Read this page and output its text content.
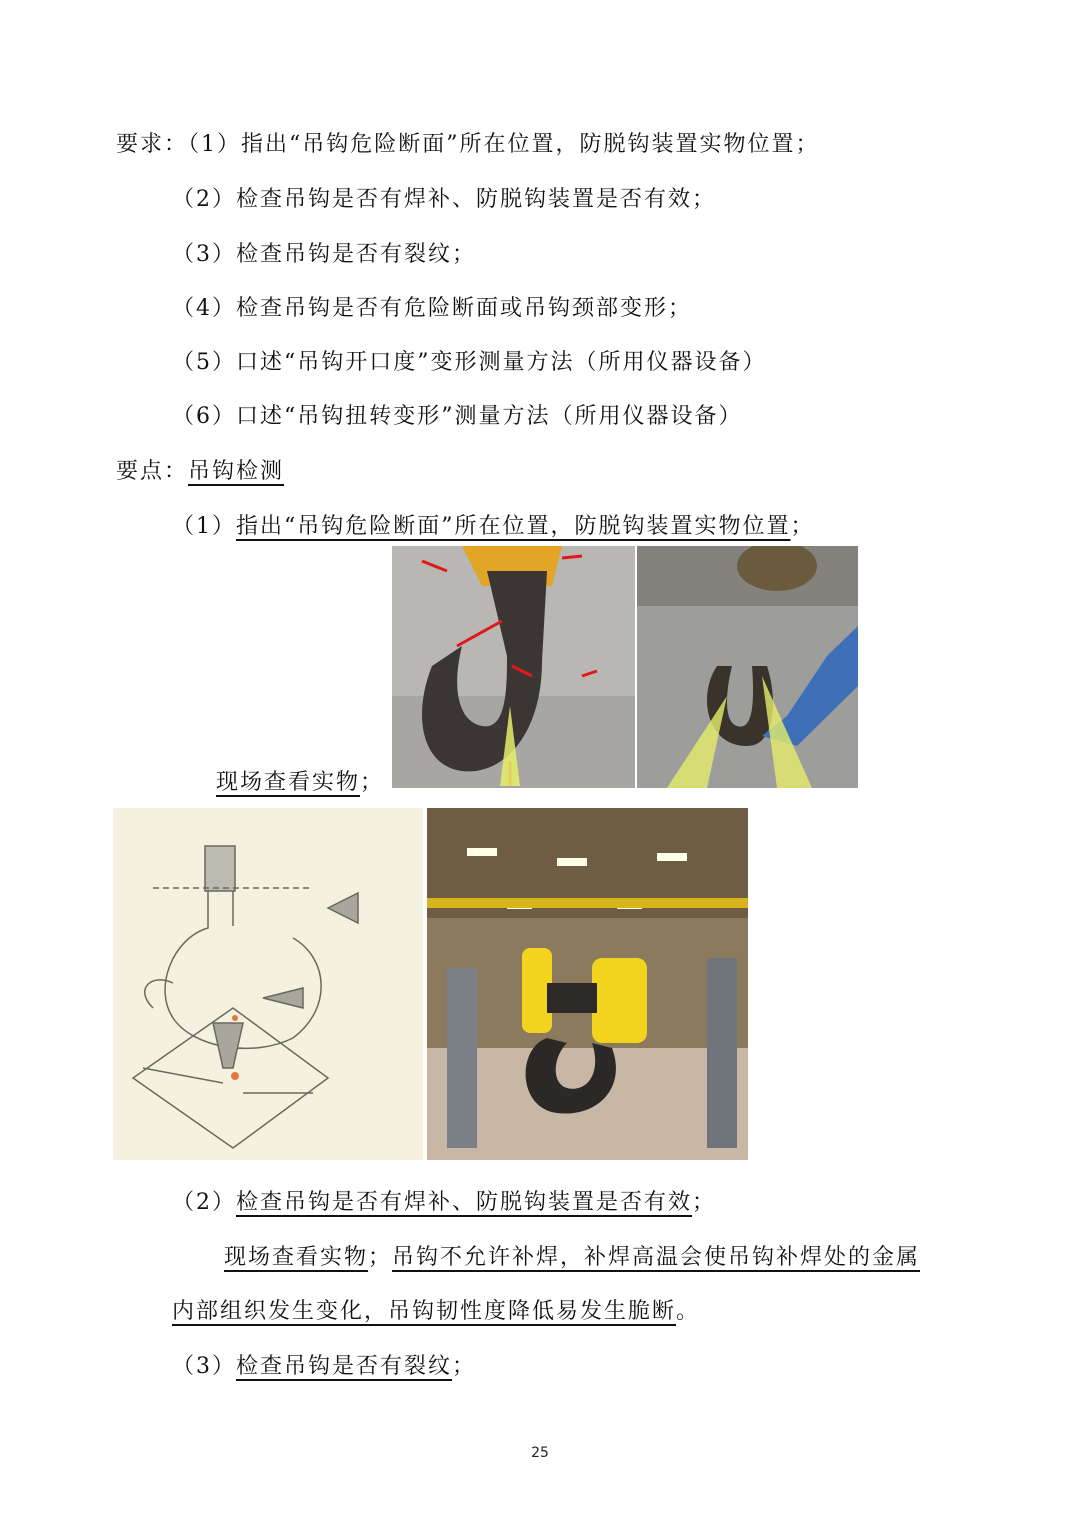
要求：（1）指出“吊钩危险断面”所在位置，防脱钩装置实物位置；
（2）检查吊钩是否有焊补、防脱钩装置是否有效；
（3）检查吊钩是否有裂纹；
（4）检查吊钩是否有危险断面或吊钩颈部变形；
（5）口述“吊钩开口度”变形测量方法（所用仪器设备）
（6）口述“吊钩扭转变形”测量方法（所用仪器设备）
要点：吊钩检测
（1）指出“吊钩危险断面”所在位置，防脱钩装置实物位置；
现场查看实物；
（2）检查吊钩是否有焊补、防脱钩装置是否有效；
现场查看实物；吊钩不允许补焊，补焊高温会使吊钩补焊处的金属
内部组织发生变化，吊钩韧性度降低易发生脆断。
（3）检查吊钩是否有裂纹；
25
